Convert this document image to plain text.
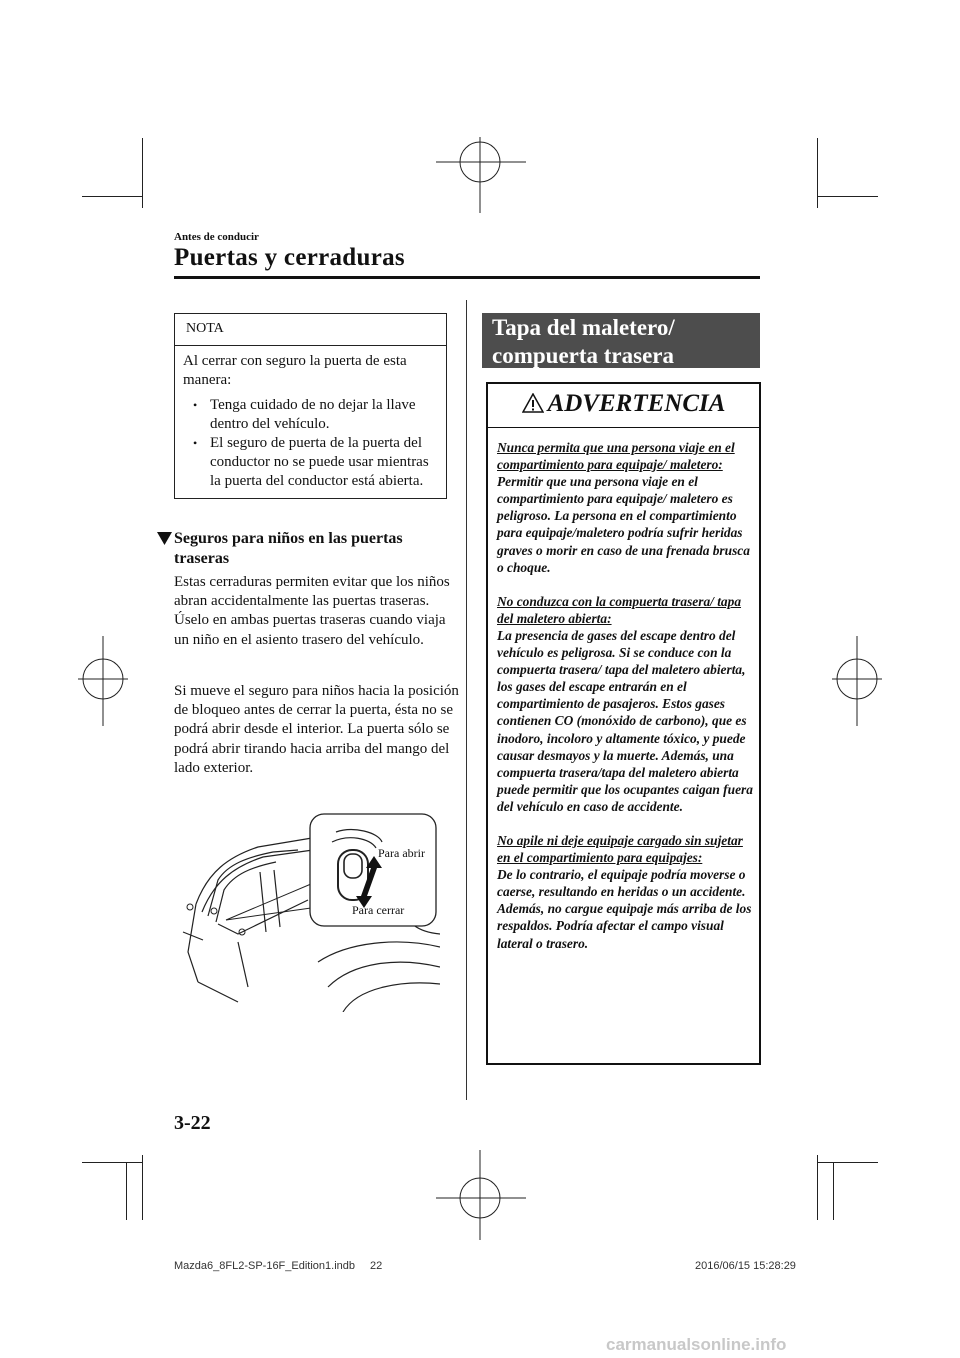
Antes de conducir
Puertas y cerraduras
NOTA
Al cerrar con seguro la puerta de esta manera:
• Tenga cuidado de no dejar la llave dentro del vehículo.
• El seguro de puerta de la puerta del conductor no se puede usar mientras la puerta del conductor está abierta.
Seguros para niños en las puertas traseras
Estas cerraduras permiten evitar que los niños abran accidentalmente las puertas traseras. Úselo en ambas puertas traseras cuando viaja un niño en el asiento trasero del vehículo.
Si mueve el seguro para niños hacia la posición de bloqueo antes de cerrar la puerta, ésta no se podrá abrir desde el interior. La puerta sólo se podrá abrir tirando hacia arriba del mango del lado exterior.
Para abrir
Para cerrar
Tapa del maletero/
compuerta trasera
ADVERTENCIA
Nunca permita que una persona viaje en el compartimiento para equipaje/ maletero:
Permitir que una persona viaje en el compartimiento para equipaje/ maletero es peligroso. La persona en el compartimiento para equipaje/maletero podría sufrir heridas graves o morir en caso de una frenada brusca o choque.
No conduzca con la compuerta trasera/ tapa del maletero abierta:
La presencia de gases del escape dentro del vehículo es peligrosa. Si se conduce con la compuerta trasera/ tapa del maletero abierta, los gases del escape entrarán en el compartimiento de pasajeros. Estos gases contienen CO (monóxido de carbono), que es inodoro, incoloro y altamente tóxico, y puede causar desmayos y la muerte. Además, una compuerta trasera/tapa del maletero abierta puede permitir que los ocupantes caigan fuera del vehículo en caso de accidente.
No apile ni deje equipaje cargado sin sujetar en el compartimiento para equipajes:
De lo contrario, el equipaje podría moverse o caerse, resultando en heridas o un accidente. Además, no cargue equipaje más arriba de los respaldos. Podría afectar el campo visual lateral o trasero.
3-22
Mazda6_8FL2-SP-16F_Edition1.indb 22	2016/06/15 15:28:29
carmanualsonline.info
